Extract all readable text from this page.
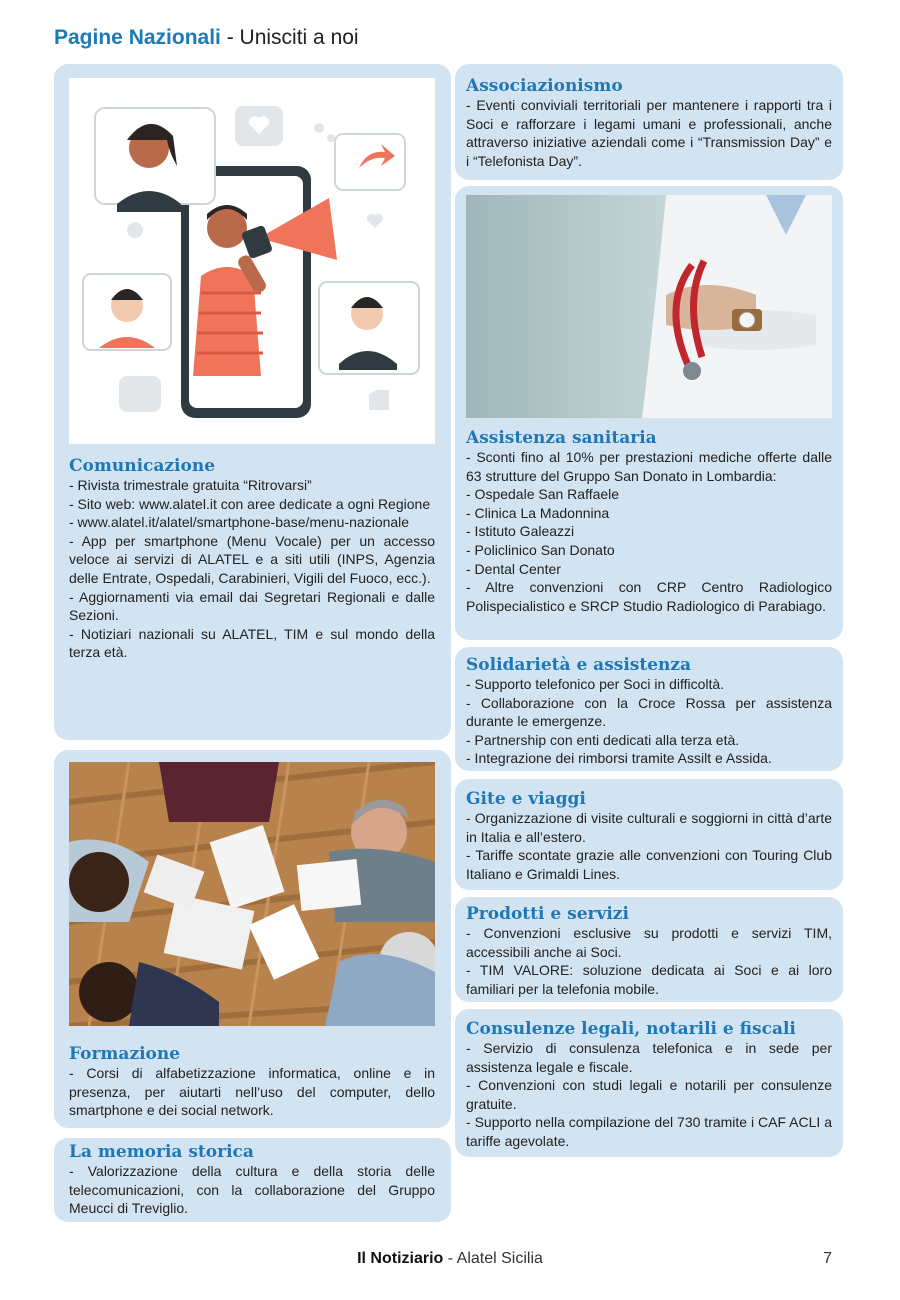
Pagine Nazionali - Unisciti a noi
Comunicazione

- Rivista trimestrale gratuita “Ritrovarsi”

- Sito web: www.alatel.it con aree dedicate a ogni Regione

- www.alatel.it/alatel/smartphone-base/menu-nazionale

- App per smartphone (Menu Vocale) per un accesso veloce ai servizi di ALATEL e a siti utili (INPS, Agenzia delle Entrate, Ospedali, Carabinieri, Vigili del Fuoco, ecc.).

- Aggiornamenti via email dai Segretari Regionali e dalle Sezioni.

- Notiziari nazionali su ALATEL, TIM e sul mondo della terza età.

Formazione

- Corsi di alfabetizzazione informatica, online e in presenza, per aiutarti nell’uso del computer, dello smartphone e dei social network.

La memoria storica

- Valorizzazione della cultura e della storia delle telecomunicazioni, con la collaborazione del Gruppo Meucci di Treviglio.

Associazionismo

- Eventi conviviali territoriali per mantenere i rapporti tra i Soci e rafforzare i legami umani e professionali, anche attraverso iniziative aziendali come i “Transmission Day” e i “Telefonista Day”.

Assistenza sanitaria

- Sconti fino al 10% per prestazioni mediche offerte dalle 63 strutture del Gruppo San Donato in Lombardia:

- Ospedale San Raffaele

- Clinica La Madonnina

- Istituto Galeazzi

- Policlinico San Donato

- Dental Center

- Altre convenzioni con CRP Centro Radiologico Polispecialistico e SRCP Studio Radiologico di Parabiago.

Solidarietà e assistenza

- Supporto telefonico per Soci in difficoltà.

- Collaborazione con la Croce Rossa per assistenza durante le emergenze.

- Partnership con enti dedicati alla terza età.

- Integrazione dei rimborsi tramite Assilt e Assida.

Gite e viaggi

- Organizzazione di visite culturali e soggiorni in città d’arte in Italia e all’estero.

- Tariffe scontate grazie alle convenzioni con Touring Club Italiano e Grimaldi Lines.

Prodotti e servizi

- Convenzioni esclusive su prodotti e servizi TIM, accessibili anche ai Soci.

- TIM VALORE: soluzione dedicata ai Soci e ai loro familiari per la telefonia mobile.

Consulenze legali, notarili e fiscali

- Servizio di consulenza telefonica e in sede per assistenza legale e fiscale.

- Convenzioni con studi legali e notarili per consulenze gratuite.

- Supporto nella compilazione del 730 tramite i CAF ACLI a tariffe agevolate.

Il Notiziario - Alatel Sicilia	7
